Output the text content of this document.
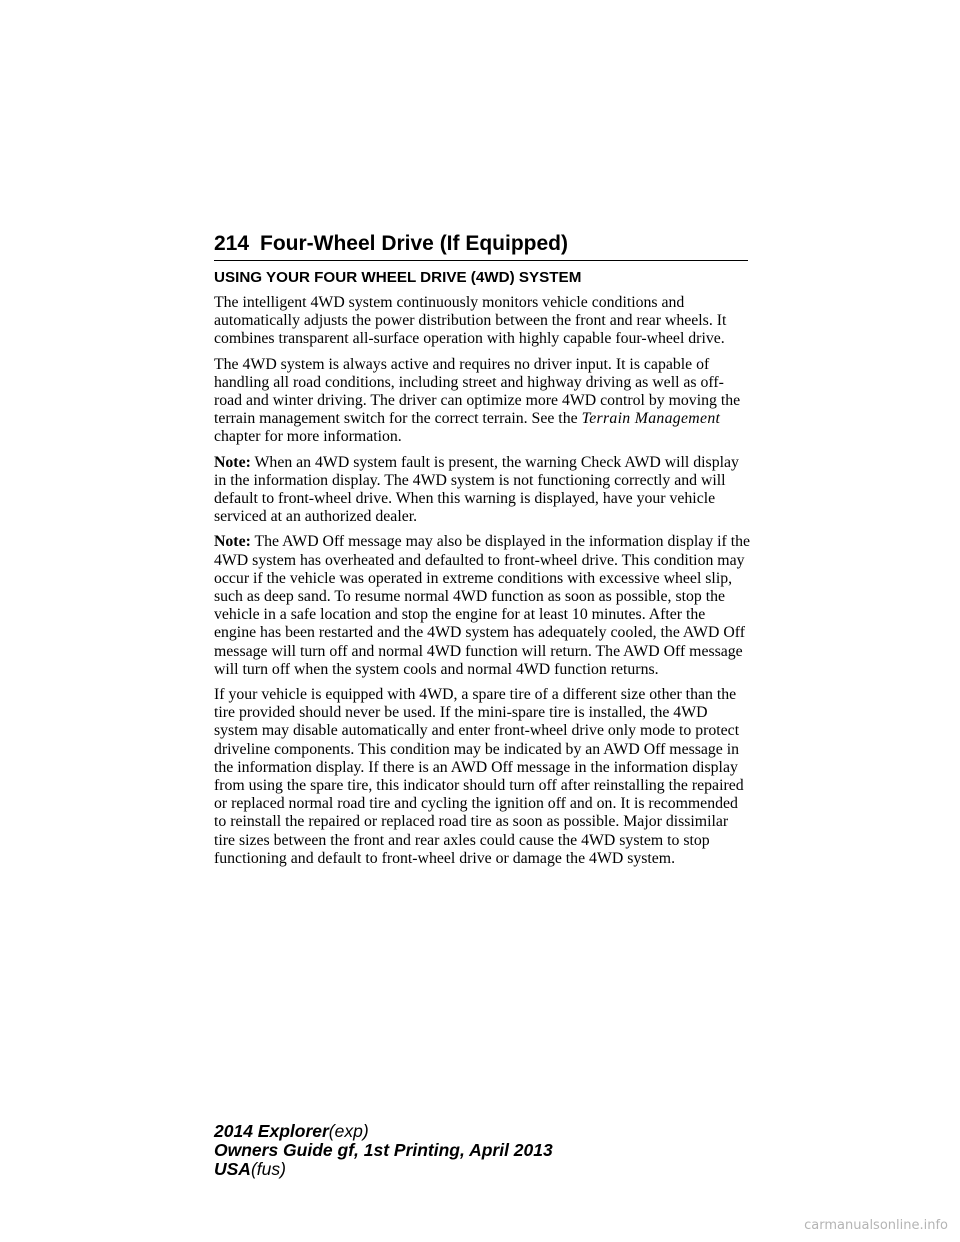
214 Four-Wheel Drive (If Equipped)
USING YOUR FOUR WHEEL DRIVE (4WD) SYSTEM

The intelligent 4WD system continuously monitors vehicle conditions and automatically adjusts the power distribution between the front and rear wheels. It combines transparent all-surface operation with highly capable four-wheel drive.

The 4WD system is always active and requires no driver input. It is capable of handling all road conditions, including street and highway driving as well as off-road and winter driving. The driver can optimize more 4WD control by moving the terrain management switch for the correct terrain. See the Terrain Management chapter for more information.

Note: When an 4WD system fault is present, the warning Check AWD will display in the information display. The 4WD system is not functioning correctly and will default to front-wheel drive. When this warning is displayed, have your vehicle serviced at an authorized dealer.

Note: The AWD Off message may also be displayed in the information display if the 4WD system has overheated and defaulted to front-wheel drive. This condition may occur if the vehicle was operated in extreme conditions with excessive wheel slip, such as deep sand. To resume normal 4WD function as soon as possible, stop the vehicle in a safe location and stop the engine for at least 10 minutes. After the engine has been restarted and the 4WD system has adequately cooled, the AWD Off message will turn off and normal 4WD function will return. The AWD Off message will turn off when the system cools and normal 4WD function returns.

If your vehicle is equipped with 4WD, a spare tire of a different size other than the tire provided should never be used. If the mini-spare tire is installed, the 4WD system may disable automatically and enter front-wheel drive only mode to protect driveline components. This condition may be indicated by an AWD Off message in the information display. If there is an AWD Off message in the information display from using the spare tire, this indicator should turn off after reinstalling the repaired or replaced normal road tire and cycling the ignition off and on. It is recommended to reinstall the repaired or replaced road tire as soon as possible. Major dissimilar tire sizes between the front and rear axles could cause the 4WD system to stop functioning and default to front-wheel drive or damage the 4WD system.

2014 Explorer(exp)
Owners Guide gf, 1st Printing, April 2013
USA(fus)
carmanualsonline.info
